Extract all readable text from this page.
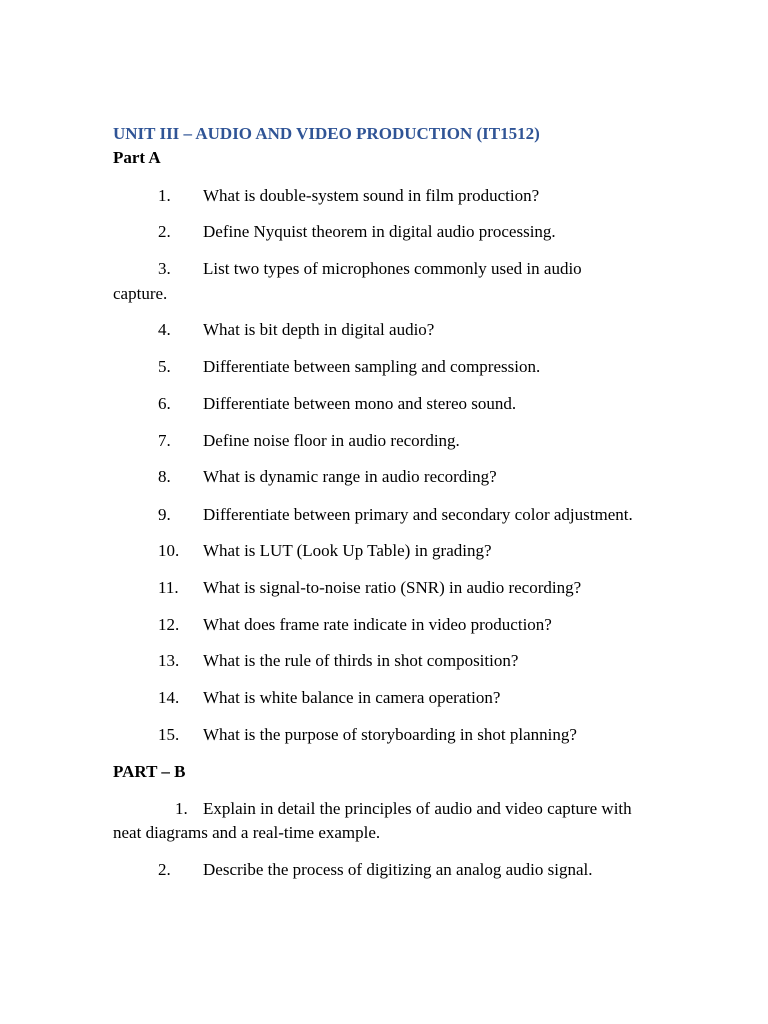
UNIT III – AUDIO AND VIDEO PRODUCTION (IT1512)
Part A
1. What is double-system sound in film production?
2. Define Nyquist theorem in digital audio processing.
3. List two types of microphones commonly used in audio
capture.
4. What is bit depth in digital audio?
5. Differentiate between sampling and compression.
6. Differentiate between mono and stereo sound.
7. Define noise floor in audio recording.
8. What is dynamic range in audio recording?
9. Differentiate between primary and secondary color adjustment.
10. What is LUT (Look Up Table) in grading?
11. What is signal-to-noise ratio (SNR) in audio recording?
12. What does frame rate indicate in video production?
13. What is the rule of thirds in shot composition?
14. What is white balance in camera operation?
15. What is the purpose of storyboarding in shot planning?
PART – B
1. Explain in detail the principles of audio and video capture with
neat diagrams and a real-time example.
2. Describe the process of digitizing an analog audio signal.
